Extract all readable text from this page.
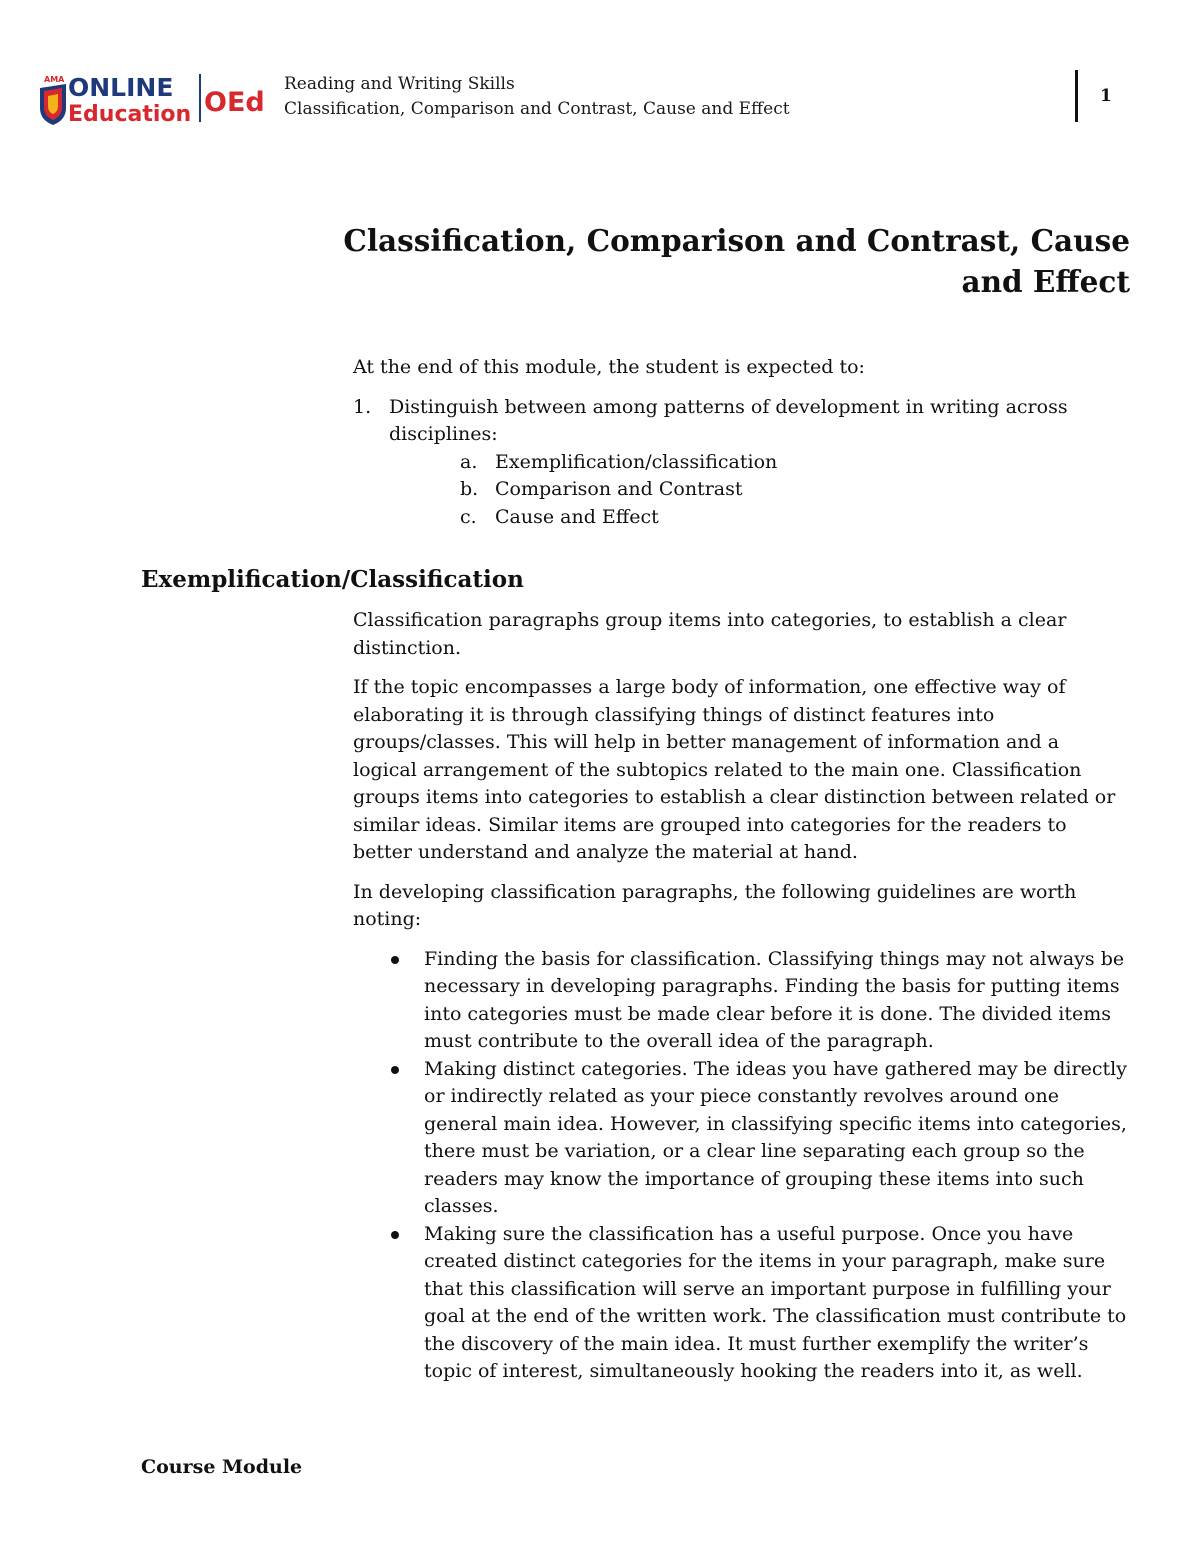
AMA ONLINE
Education OEd
Reading and Writing Skills
Classification, Comparison and Contrast, Cause and Effect
1
Classification, Comparison and Contrast, Cause and Effect

At the end of this module, the student is expected to:

1. Distinguish between among patterns of development in writing across disciplines:
a. Exemplification/classification
b. Comparison and Contrast
c. Cause and Effect
Exemplification/Classification

Classification paragraphs group items into categories, to establish a clear distinction.

If the topic encompasses a large body of information, one effective way of elaborating it is through classifying things of distinct features into groups/classes. This will help in better management of information and a logical arrangement of the subtopics related to the main one. Classification groups items into categories to establish a clear distinction between related or similar ideas. Similar items are grouped into categories for the readers to better understand and analyze the material at hand.

In developing classification paragraphs, the following guidelines are worth noting:

Finding the basis for classification. Classifying things may not always be necessary in developing paragraphs. Finding the basis for putting items into categories must be made clear before it is done. The divided items must contribute to the overall idea of the paragraph.
Making distinct categories. The ideas you have gathered may be directly or indirectly related as your piece constantly revolves around one general main idea. However, in classifying specific items into categories, there must be variation, or a clear line separating each group so the readers may know the importance of grouping these items into such classes.
Making sure the classification has a useful purpose. Once you have created distinct categories for the items in your paragraph, make sure that this classification will serve an important purpose in fulfilling your goal at the end of the written work. The classification must contribute to the discovery of the main idea. It must further exemplify the writer’s topic of interest, simultaneously hooking the readers into it, as well.
Course Module
